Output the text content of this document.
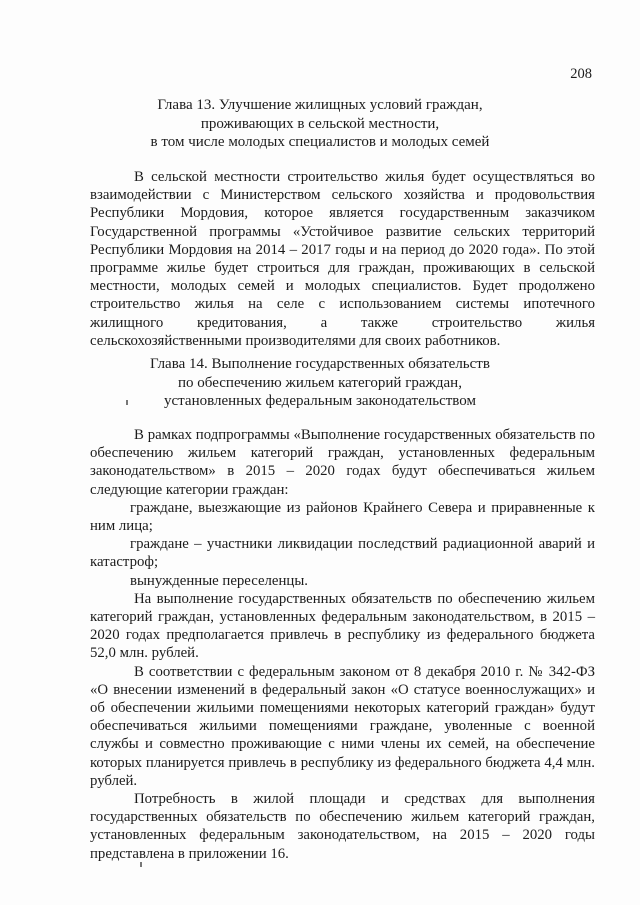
208
Глава 13. Улучшение жилищных условий граждан,
проживающих в сельской местности,
в том числе молодых специалистов и молодых семей

В сельской местности строительство жилья будет осуществляться во взаимодействии с Министерством сельского хозяйства и продовольствия Республики Мордовия, которое является государственным заказчиком Государственной программы «Устойчивое развитие сельских территорий Республики Мордовия на 2014 – 2017 годы и на период до 2020 года». По этой программе жилье будет строиться для граждан, проживающих в сельской местности, молодых семей и молодых специалистов. Будет продолжено строительство жилья на селе с использованием системы ипотечного жилищного кредитования, а также строительство жилья сельскохозяйственными производителями для своих работников.

Глава 14. Выполнение государственных обязательств
по обеспечению жильем категорий граждан,
установленных федеральным законодательством

В рамках подпрограммы «Выполнение государственных обязательств по обеспечению жильем категорий граждан, установленных федеральным законодательством» в 2015 – 2020 годах будут обеспечиваться жильем следующие категории граждан:

граждане, выезжающие из районов Крайнего Севера и приравненные к ним лица;

граждане – участники ликвидации последствий радиационной аварий и катастроф;

вынужденные переселенцы.

На выполнение государственных обязательств по обеспечению жильем категорий граждан, установленных федеральным законодательством, в 2015 – 2020 годах предполагается привлечь в республику из федерального бюджета 52,0 млн. рублей.

В соответствии с федеральным законом от 8 декабря 2010 г. № 342-ФЗ «О внесении изменений в федеральный закон «О статусе военнослужащих» и об обеспечении жильими помещениями некоторых категорий граждан» будут обеспечиваться жильими помещениями граждане, уволенные с военной службы и совместно проживающие с ними члены их семей, на обеспечение которых планируется привлечь в республику из федерального бюджета 4,4 млн. рублей.

Потребность в жилой площади и средствах для выполнения государственных обязательств по обеспечению жильем категорий граждан, установленных федеральным законодательством, на 2015 – 2020 годы представлена в приложении 16.
